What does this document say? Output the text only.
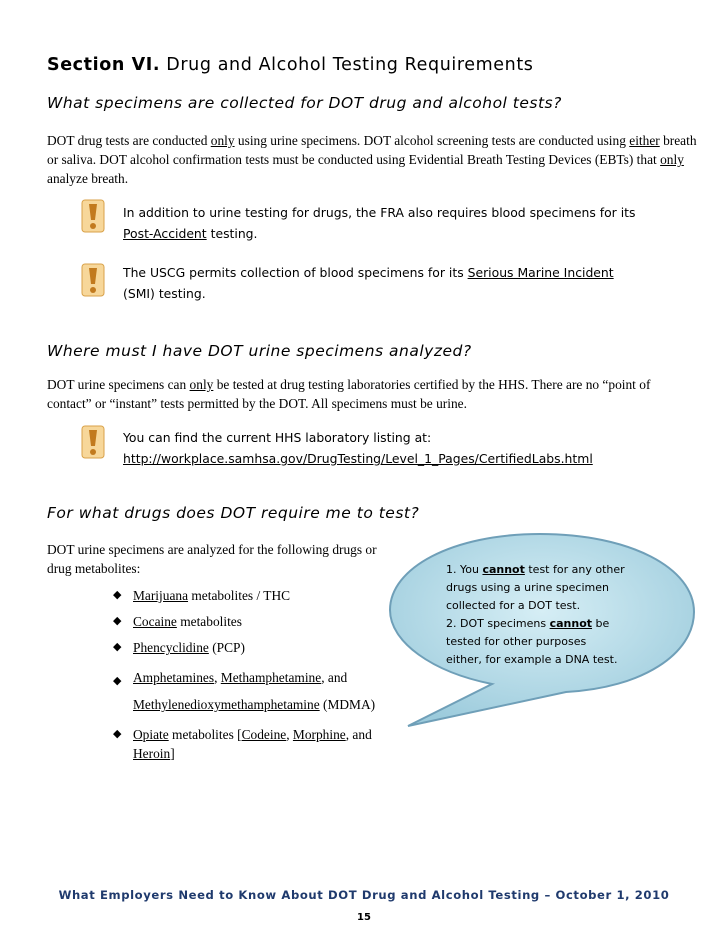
Section VI. Drug and Alcohol Testing Requirements
What specimens are collected for DOT drug and alcohol tests?
DOT drug tests are conducted only using urine specimens. DOT alcohol screening tests are conducted using either breath or saliva. DOT alcohol confirmation tests must be conducted using Evidential Breath Testing Devices (EBTs) that only analyze breath.
In addition to urine testing for drugs, the FRA also requires blood specimens for its
Post-Accident testing.
The USCG permits collection of blood specimens for its Serious Marine Incident
(SMI) testing.
Where must I have DOT urine specimens analyzed?
DOT urine specimens can only be tested at drug testing laboratories certified by the HHS. There are no “point of contact” or “instant” tests permitted by the DOT. All specimens must be urine.
You can find the current HHS laboratory listing at:
http://workplace.samhsa.gov/DrugTesting/Level_1_Pages/CertifiedLabs.html
For what drugs does DOT require me to test?
DOT urine specimens are analyzed for the following drugs or drug metabolites:
◆ Marijuana metabolites / THC
◆ Cocaine metabolites
◆ Phencyclidine (PCP)
◆ Amphetamines, Methamphetamine, and
Methylenedioxymethamphetamine (MDMA)
◆ Opiate metabolites [Codeine, Morphine, and
Heroin]
1. You cannot test for any other
drugs using a urine specimen
collected for a DOT test.
2. DOT specimens cannot be
tested for other purposes
either, for example a DNA test.
What Employers Need to Know About DOT Drug and Alcohol Testing – October 1, 2010
15
